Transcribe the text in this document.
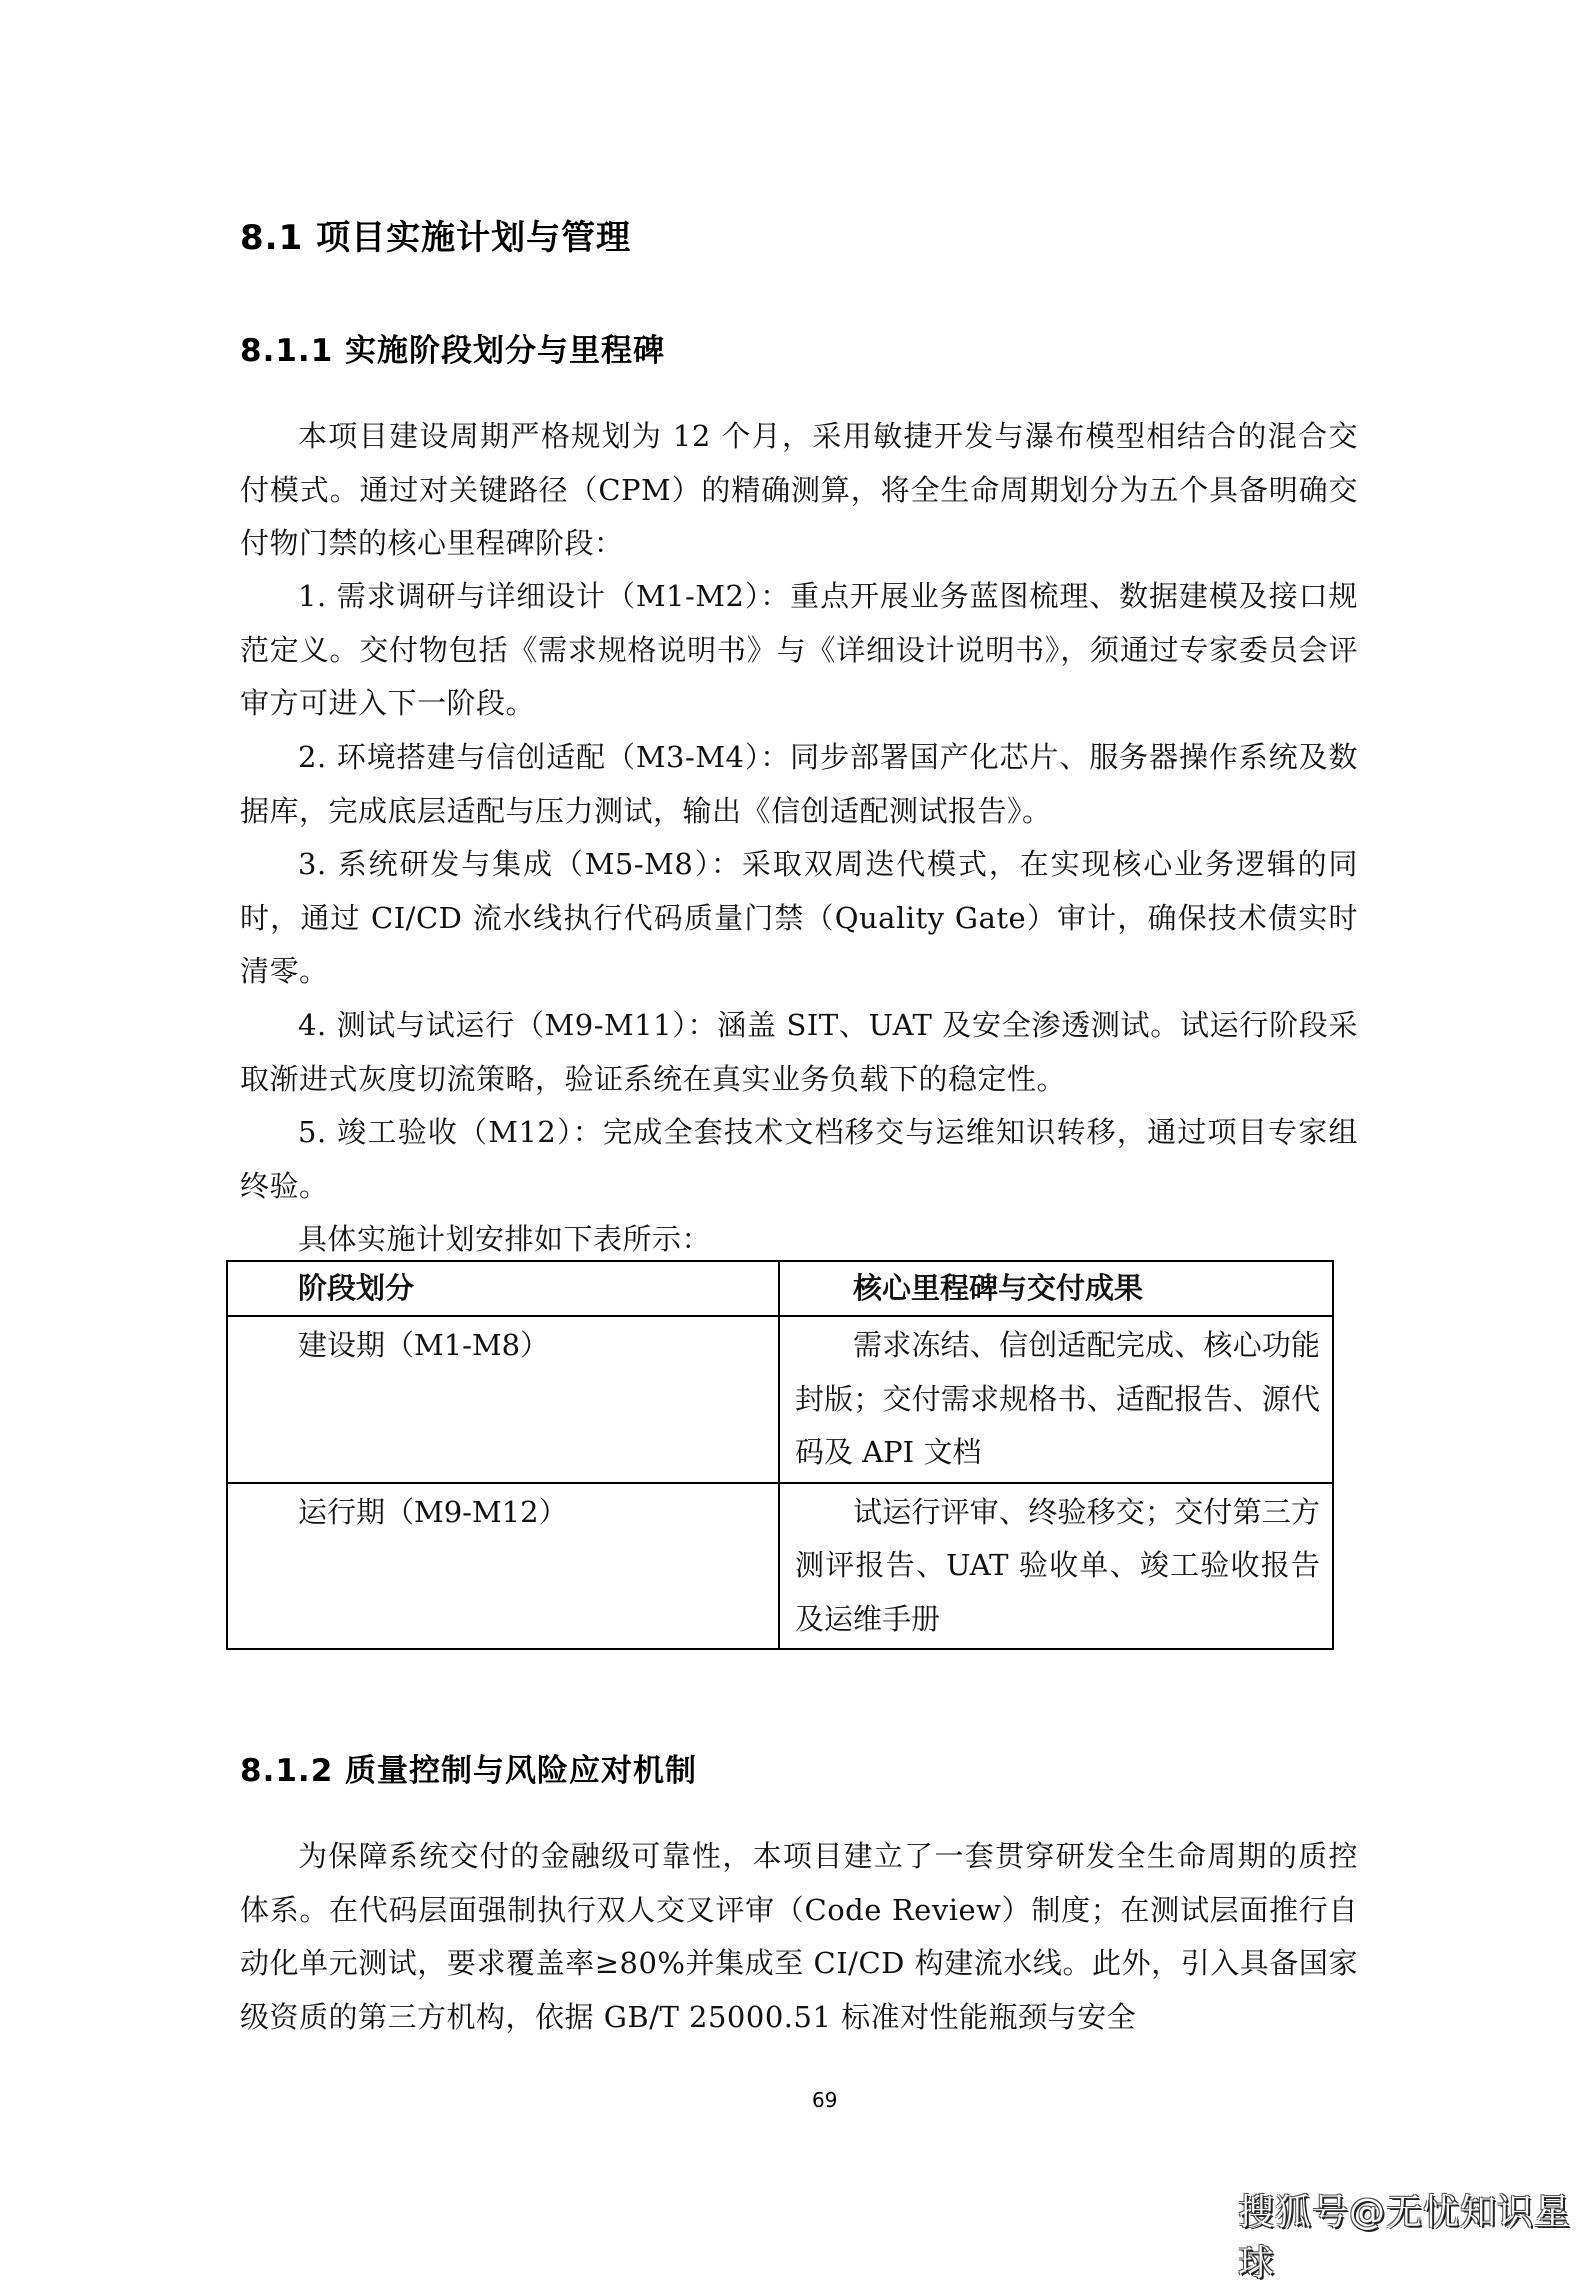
8.1 项目实施计划与管理
8.1.1 实施阶段划分与里程碑

本项目建设周期严格规划为 12 个月，采用敏捷开发与瀑布模型相结合的混合交付模式。通过对关键路径（CPM）的精确测算，将全生命周期划分为五个具备明确交付物门禁的核心里程碑阶段：

1. 需求调研与详细设计（M1-M2）：重点开展业务蓝图梳理、数据建模及接口规范定义。交付物包括《需求规格说明书》与《详细设计说明书》，须通过专家委员会评审方可进入下一阶段。

2. 环境搭建与信创适配（M3-M4）：同步部署国产化芯片、服务器操作系统及数据库，完成底层适配与压力测试，输出《信创适配测试报告》。

3. 系统研发与集成（M5-M8）：采取双周迭代模式，在实现核心业务逻辑的同时，通过 CI/CD 流水线执行代码质量门禁（Quality Gate）审计，确保技术债实时清零。

4. 测试与试运行（M9-M11）：涵盖 SIT、UAT 及安全渗透测试。试运行阶段采取渐进式灰度切流策略，验证系统在真实业务负载下的稳定性。

5. 竣工验收（M12）：完成全套技术文档移交与运维知识转移，通过项目专家组终验。

具体实施计划安排如下表所示：

阶段划分	核心里程碑与交付成果
建设期（M1-M8）	需求冻结、信创适配完成、核心功能封版；交付需求规格书、适配报告、源代码及 API 文档

运行期（M9-M12）	试运行评审、终验移交；交付第三方测评报告、UAT 验收单、竣工验收报告及运维手册
8.1.2 质量控制与风险应对机制

为保障系统交付的金融级可靠性，本项目建立了一套贯穿研发全生命周期的质控体系。在代码层面强制执行双人交叉评审（Code Review）制度；在测试层面推行自动化单元测试，要求覆盖率≥80%并集成至 CI/CD 构建流水线。此外，引入具备国家级资质的第三方机构，依据 GB/T 25000.51 标准对性能瓶颈与安全

69
搜狐号@无忧知识星球
